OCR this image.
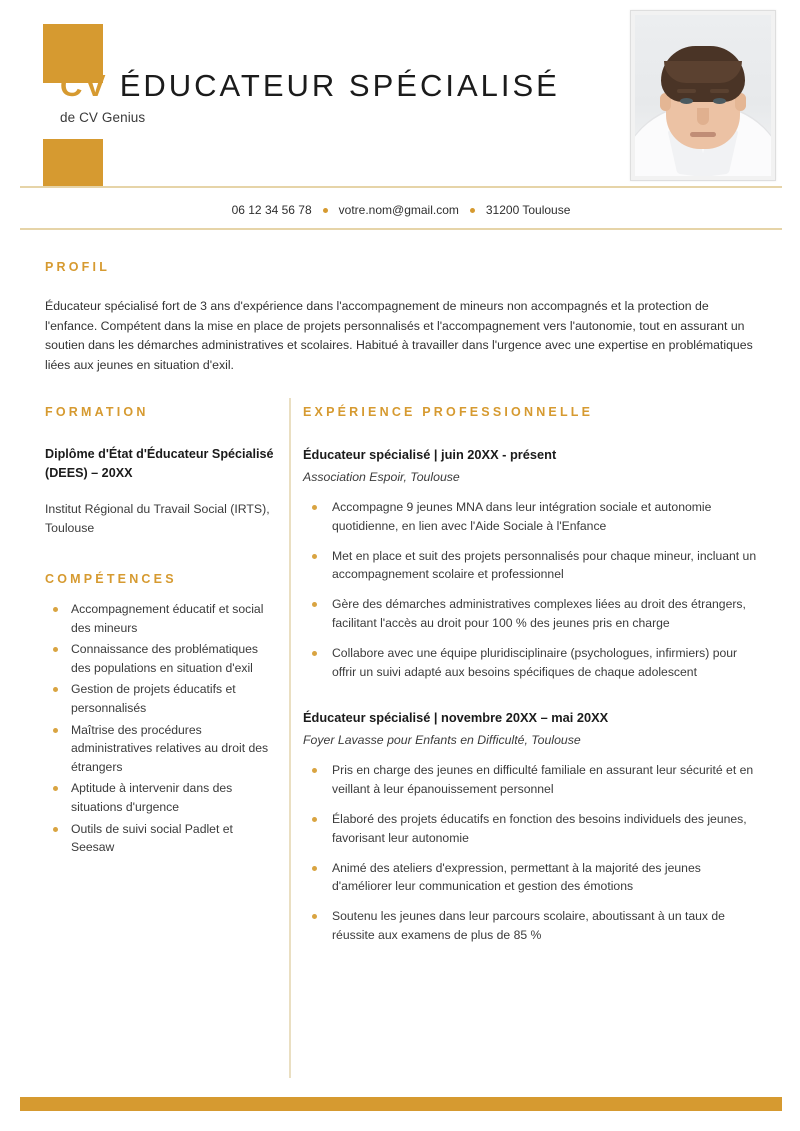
CV ÉDUCATEUR SPÉCIALISÉ
de CV Genius
06 12 34 56 78 votre.nom@gmail.com 31200 Toulouse
PROFIL
Éducateur spécialisé fort de 3 ans d'expérience dans l'accompagnement de mineurs non accompagnés et la protection de l'enfance. Compétent dans la mise en place de projets personnalisés et l'accompagnement vers l'autonomie, tout en assurant un soutien dans les démarches administratives et scolaires. Habitué à travailler dans l'urgence avec une expertise en problématiques liées aux jeunes en situation d'exil.
FORMATION
Diplôme d'État d'Éducateur Spécialisé (DEES) – 20XX
Institut Régional du Travail Social (IRTS), Toulouse
COMPÉTENCES
Accompagnement éducatif et social des mineurs
Connaissance des problématiques des populations en situation d'exil
Gestion de projets éducatifs et personnalisés
Maîtrise des procédures administratives relatives au droit des étrangers
Aptitude à intervenir dans des situations d'urgence
Outils de suivi social Padlet et Seesaw
EXPÉRIENCE PROFESSIONNELLE
Éducateur spécialisé | juin 20XX - présent
Association Espoir, Toulouse
Accompagne 9 jeunes MNA dans leur intégration sociale et autonomie quotidienne, en lien avec l'Aide Sociale à l'Enfance
Met en place et suit des projets personnalisés pour chaque mineur, incluant un accompagnement scolaire et professionnel
Gère des démarches administratives complexes liées au droit des étrangers, facilitant l'accès au droit pour 100 % des jeunes pris en charge
Collabore avec une équipe pluridisciplinaire (psychologues, infirmiers) pour offrir un suivi adapté aux besoins spécifiques de chaque adolescent
Éducateur spécialisé | novembre 20XX – mai 20XX
Foyer Lavasse pour Enfants en Difficulté, Toulouse
Pris en charge des jeunes en difficulté familiale en assurant leur sécurité et en veillant à leur épanouissement personnel
Élaboré des projets éducatifs en fonction des besoins individuels des jeunes, favorisant leur autonomie
Animé des ateliers d'expression, permettant à la majorité des jeunes d'améliorer leur communication et gestion des émotions
Soutenu les jeunes dans leur parcours scolaire, aboutissant à un taux de réussite aux examens de plus de 85 %
